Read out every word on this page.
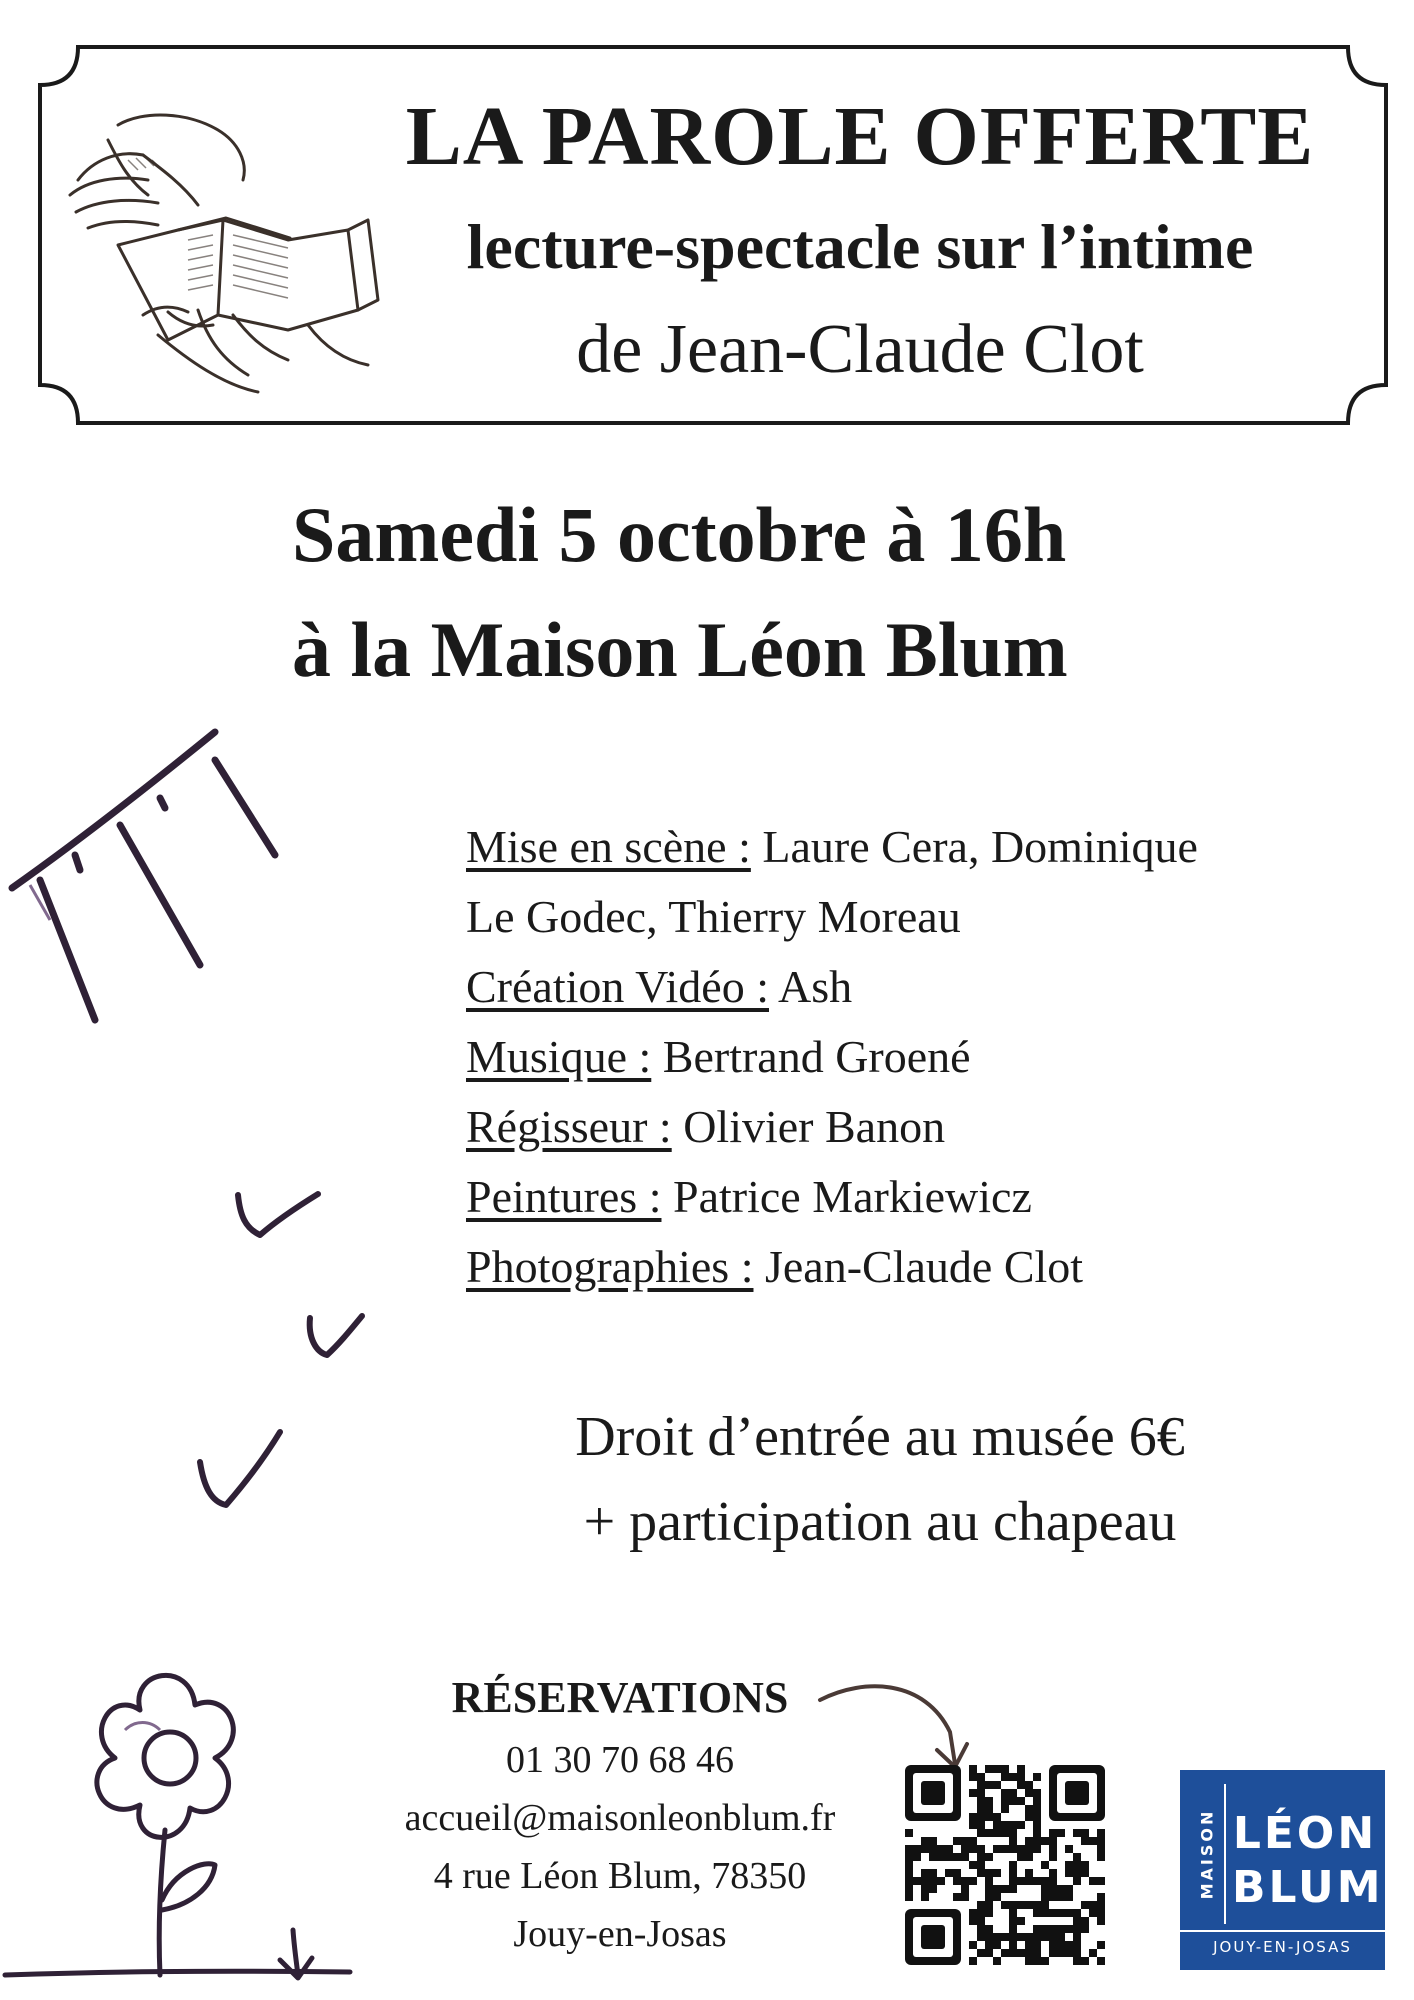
LA PAROLE OFFERTE
lecture-spectacle sur l’intime
de Jean-Claude Clot
Samedi 5 octobre à 16h
à la Maison Léon Blum
Mise en scène : Laure Cera, Dominique
Le Godec, Thierry Moreau
Création Vidéo : Ash
Musique : Bertrand Groené
Régisseur : Olivier Banon
Peintures : Patrice Markiewicz
Photographies : Jean-Claude Clot
Droit d’entrée au musée 6€
+ participation au chapeau
RÉSERVATIONS
01 30 70 68 46
accueil@maisonleonblum.fr
4 rue Léon Blum, 78350
Jouy-en-Josas
MAISON LÉON
BLUM
JOUY-EN-JOSAS
